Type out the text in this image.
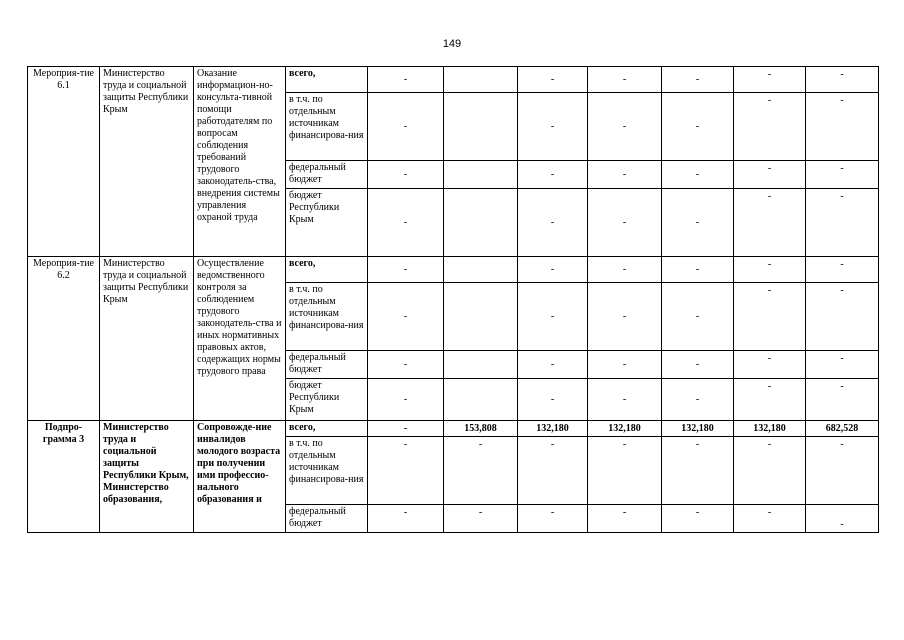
149
Мероприя-тие 6.1	Министерство труда и социальной защиты Республики Крым	Оказание информацион-но-консульта-тивной помощи работодателям по вопросам соблюдения требований трудового законодатель-ства, внедрения системы управления охраной труда	всего,	-		-	-	-	-	-
			в т.ч. по отдельным источникам финансирова-ния	-		-	-	-	-	-
			федеральный бюджет	-		-	-	-	-	-
			бюджет Республики Крым	-		-	-	-	-	-
Мероприя-тие 6.2	Министерство труда и социальной защиты Республики Крым	Осуществление ведомственного контроля за соблюдением трудового законодатель-ства и иных нормативных правовых актов, содержащих нормы трудового права	всего,	-		-	-	-	-	-
			в т.ч. по отдельным источникам финансирова-ния	-		-	-	-	-	-
			федеральный бюджет	-		-	-	-	-	-
			бюджет Республики Крым	-		-	-	-	-	-
Подпро-грамма 3	Министерство труда и социальной защиты Республики Крым, Министерство образования,	Сопровожде-ние инвалидов молодого возраста при получении ими профессио-нального образования и	всего,	-	153,808	132,180	132,180	132,180	132,180	682,528
			в т.ч. по отдельным источникам финансирова-ния	-	-	-	-	-	-	-
			федеральный бюджет	-	-	-	-	-	-	-
